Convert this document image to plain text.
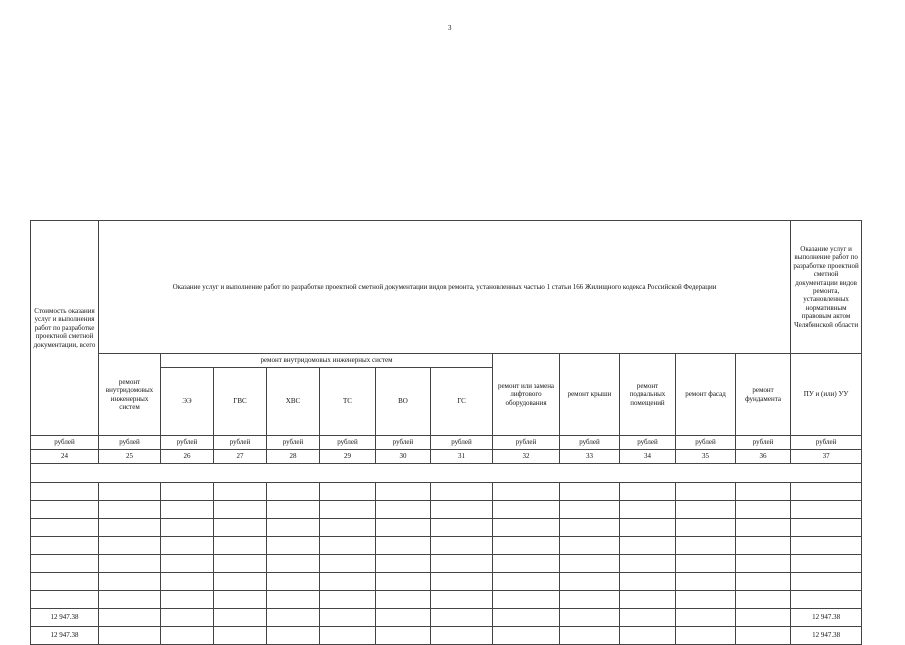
3
Стоимость оказания услуг и выполнения работ по разработке проектной сметной документации, всего	Оказание услуг и выполнение работ по разработке проектной сметной документации видов ремонта, установленных частью 1 статьи 166 Жилищного кодекса Российской Федерации												Оказание услуг и выполнение работ по разработке проектной сметной документации видов ремонта, установленных нормативным правовым актом Челябинской области
	ремонт внутридомовых инженерных систем	ремонт внутридомовых инженерных систем						ремонт или замена лифтового оборудования	ремонт крыши	ремонт подвальных помещений	ремонт фасад	ремонт фундамента	ПУ и (или) УУ
		ЭЭ	ГВС	ХВС	ТС	ВО	ГС						
рублей	рублей	рублей	рублей	рублей	рублей	рублей	рублей	рублей	рублей	рублей	рублей	рублей	рублей
24	25	26	27	28	29	30	31	32	33	34	35	36	37

12 947.38													12 947.38
12 947.38													12 947.38
